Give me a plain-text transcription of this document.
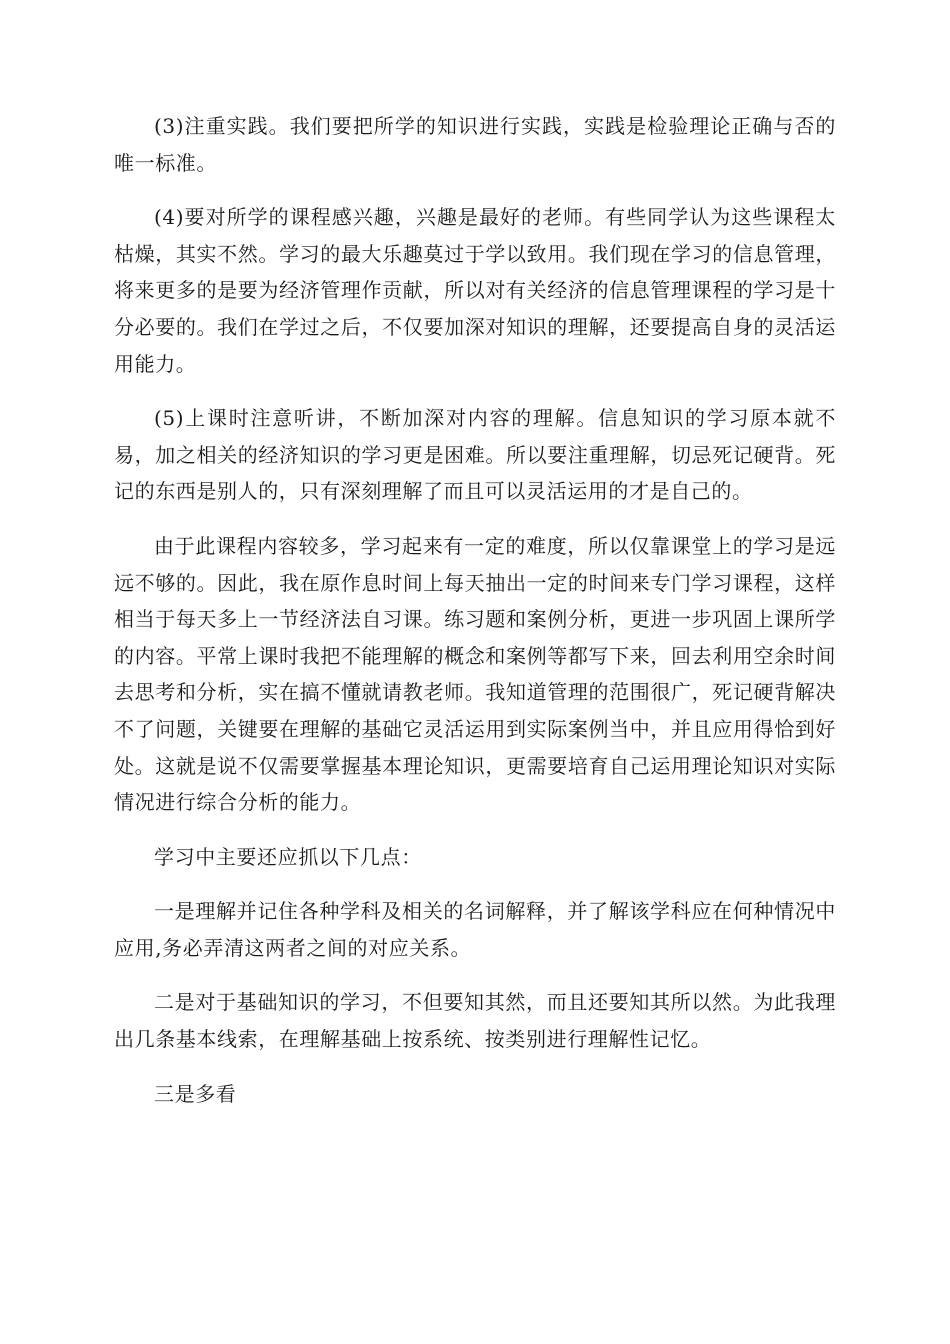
(3)注重实践。我们要把所学的知识进行实践，实践是检验理论正确与否的唯一标准。

(4)要对所学的课程感兴趣，兴趣是最好的老师。有些同学认为这些课程太枯燥，其实不然。学习的最大乐趣莫过于学以致用。我们现在学习的信息管理，将来更多的是要为经济管理作贡献，所以对有关经济的信息管理课程的学习是十分必要的。我们在学过之后，不仅要加深对知识的理解，还要提高自身的灵活运用能力。

(5)上课时注意听讲，不断加深对内容的理解。信息知识的学习原本就不易，加之相关的经济知识的学习更是困难。所以要注重理解，切忌死记硬背。死记的东西是别人的，只有深刻理解了而且可以灵活运用的才是自己的。

由于此课程内容较多，学习起来有一定的难度，所以仅靠课堂上的学习是远远不够的。因此，我在原作息时间上每天抽出一定的时间来专门学习课程，这样相当于每天多上一节经济法自习课。练习题和案例分析，更进一步巩固上课所学的内容。平常上课时我把不能理解的概念和案例等都写下来，回去利用空余时间去思考和分析，实在搞不懂就请教老师。我知道管理的范围很广，死记硬背解决不了问题，关键要在理解的基础它灵活运用到实际案例当中，并且应用得恰到好处。这就是说不仅需要掌握基本理论知识，更需要培育自己运用理论知识对实际情况进行综合分析的能力。

学习中主要还应抓以下几点：

一是理解并记住各种学科及相关的名词解释，并了解该学科应在何种情况中应用,务必弄清这两者之间的对应关系。

二是对于基础知识的学习，不但要知其然，而且还要知其所以然。为此我理出几条基本线索，在理解基础上按系统、按类别进行理解性记忆。

三是多看
